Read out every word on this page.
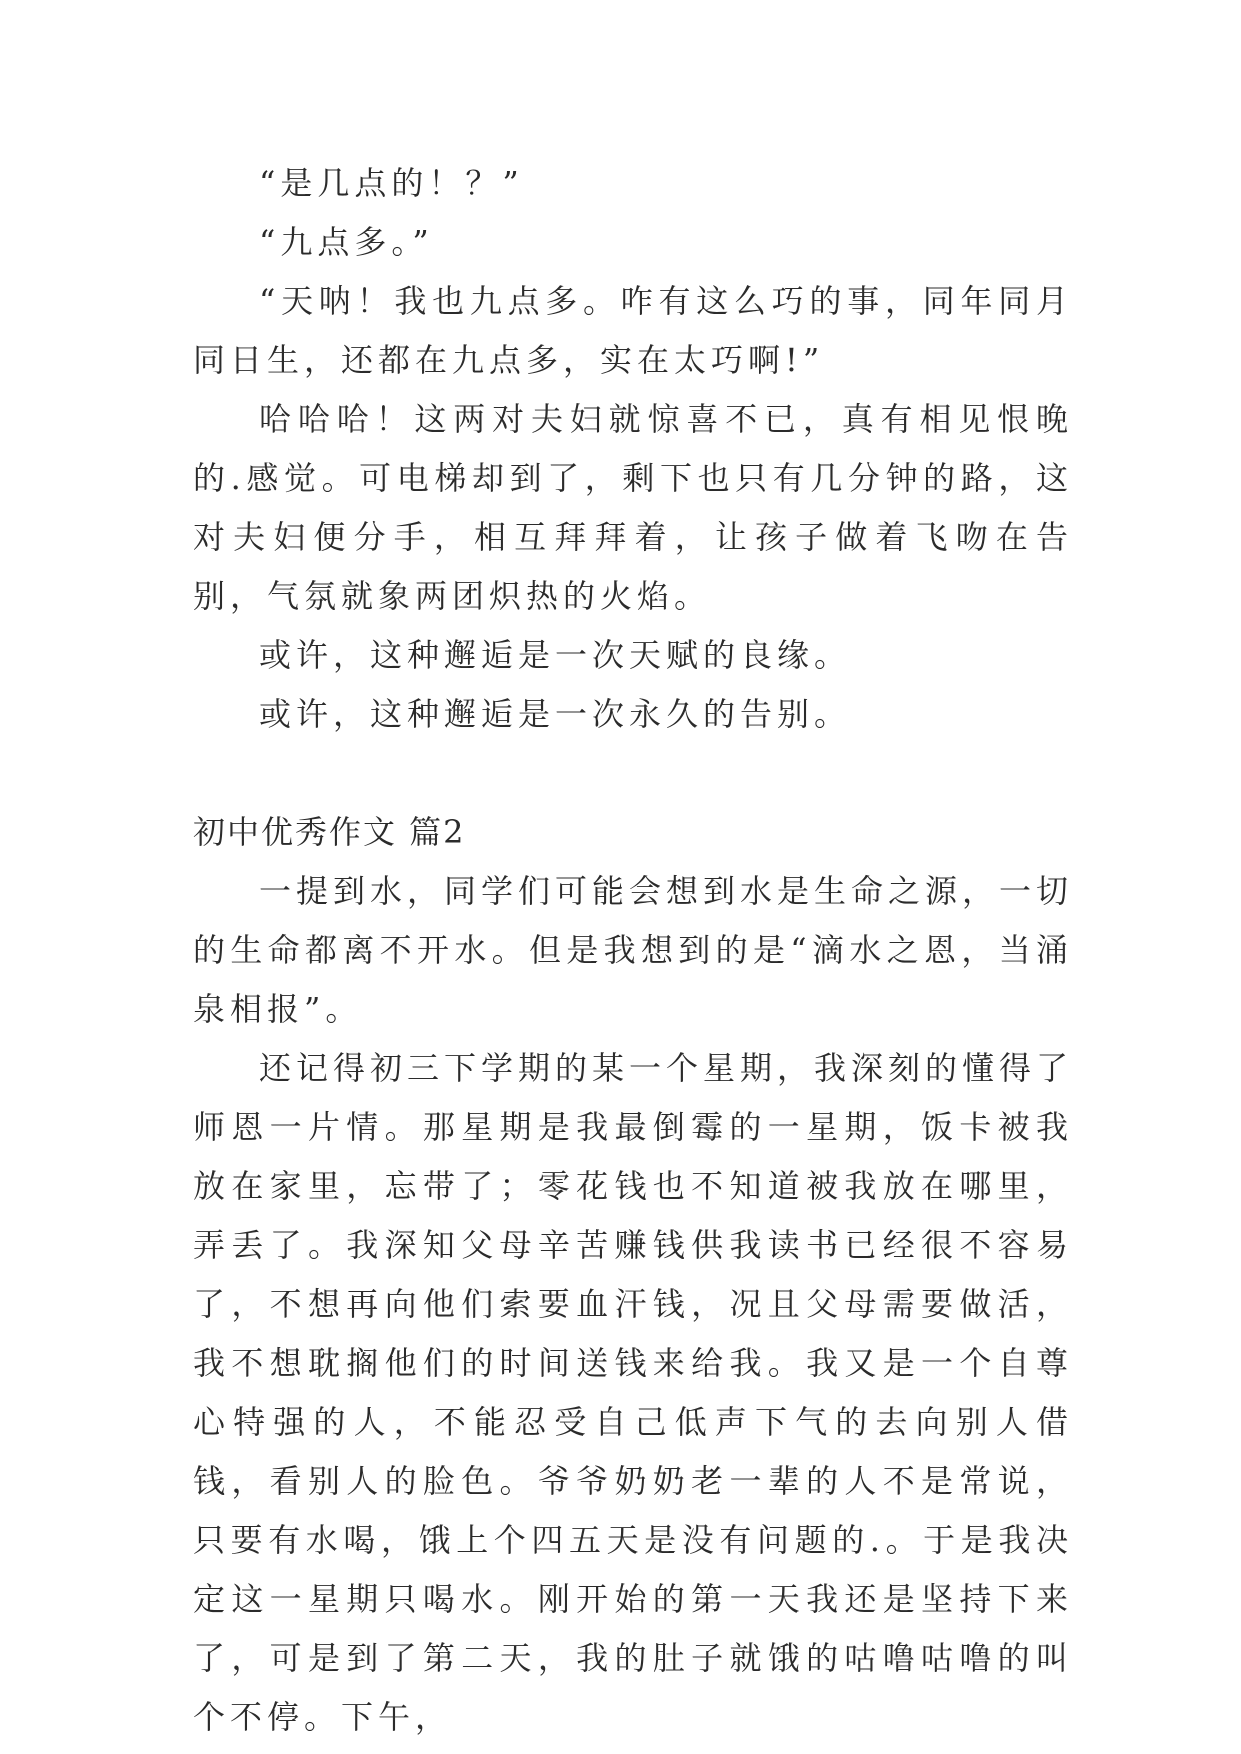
“是几点的！？”

“九点多。”

“天呐！我也九点多。咋有这么巧的事，同年同月同日生，还都在九点多，实在太巧啊!”

哈哈哈！这两对夫妇就惊喜不已，真有相见恨晚的.感觉。可电梯却到了，剩下也只有几分钟的路，这对夫妇便分手，相互拜拜着，让孩子做着飞吻在告别，气氛就象两团炽热的火焰。

或许，这种邂逅是一次天赋的良缘。

或许，这种邂逅是一次永久的告别。

初中优秀作文 篇2

一提到水，同学们可能会想到水是生命之源，一切的生命都离不开水。但是我想到的是“滴水之恩，当涌泉相报”。

还记得初三下学期的某一个星期，我深刻的懂得了师恩一片情。那星期是我最倒霉的一星期，饭卡被我放在家里，忘带了；零花钱也不知道被我放在哪里，弄丢了。我深知父母辛苦赚钱供我读书已经很不容易了，不想再向他们索要血汗钱，况且父母需要做活，我不想耽搁他们的时间送钱来给我。我又是一个自尊心特强的人，不能忍受自己低声下气的去向别人借钱，看别人的脸色。爷爷奶奶老一辈的人不是常说，只要有水喝，饿上个四五天是没有问题的.。于是我决定这一星期只喝水。刚开始的第一天我还是坚持下来了，可是到了第二天，我的肚子就饿的咕噜咕噜的叫个不停。下午，
